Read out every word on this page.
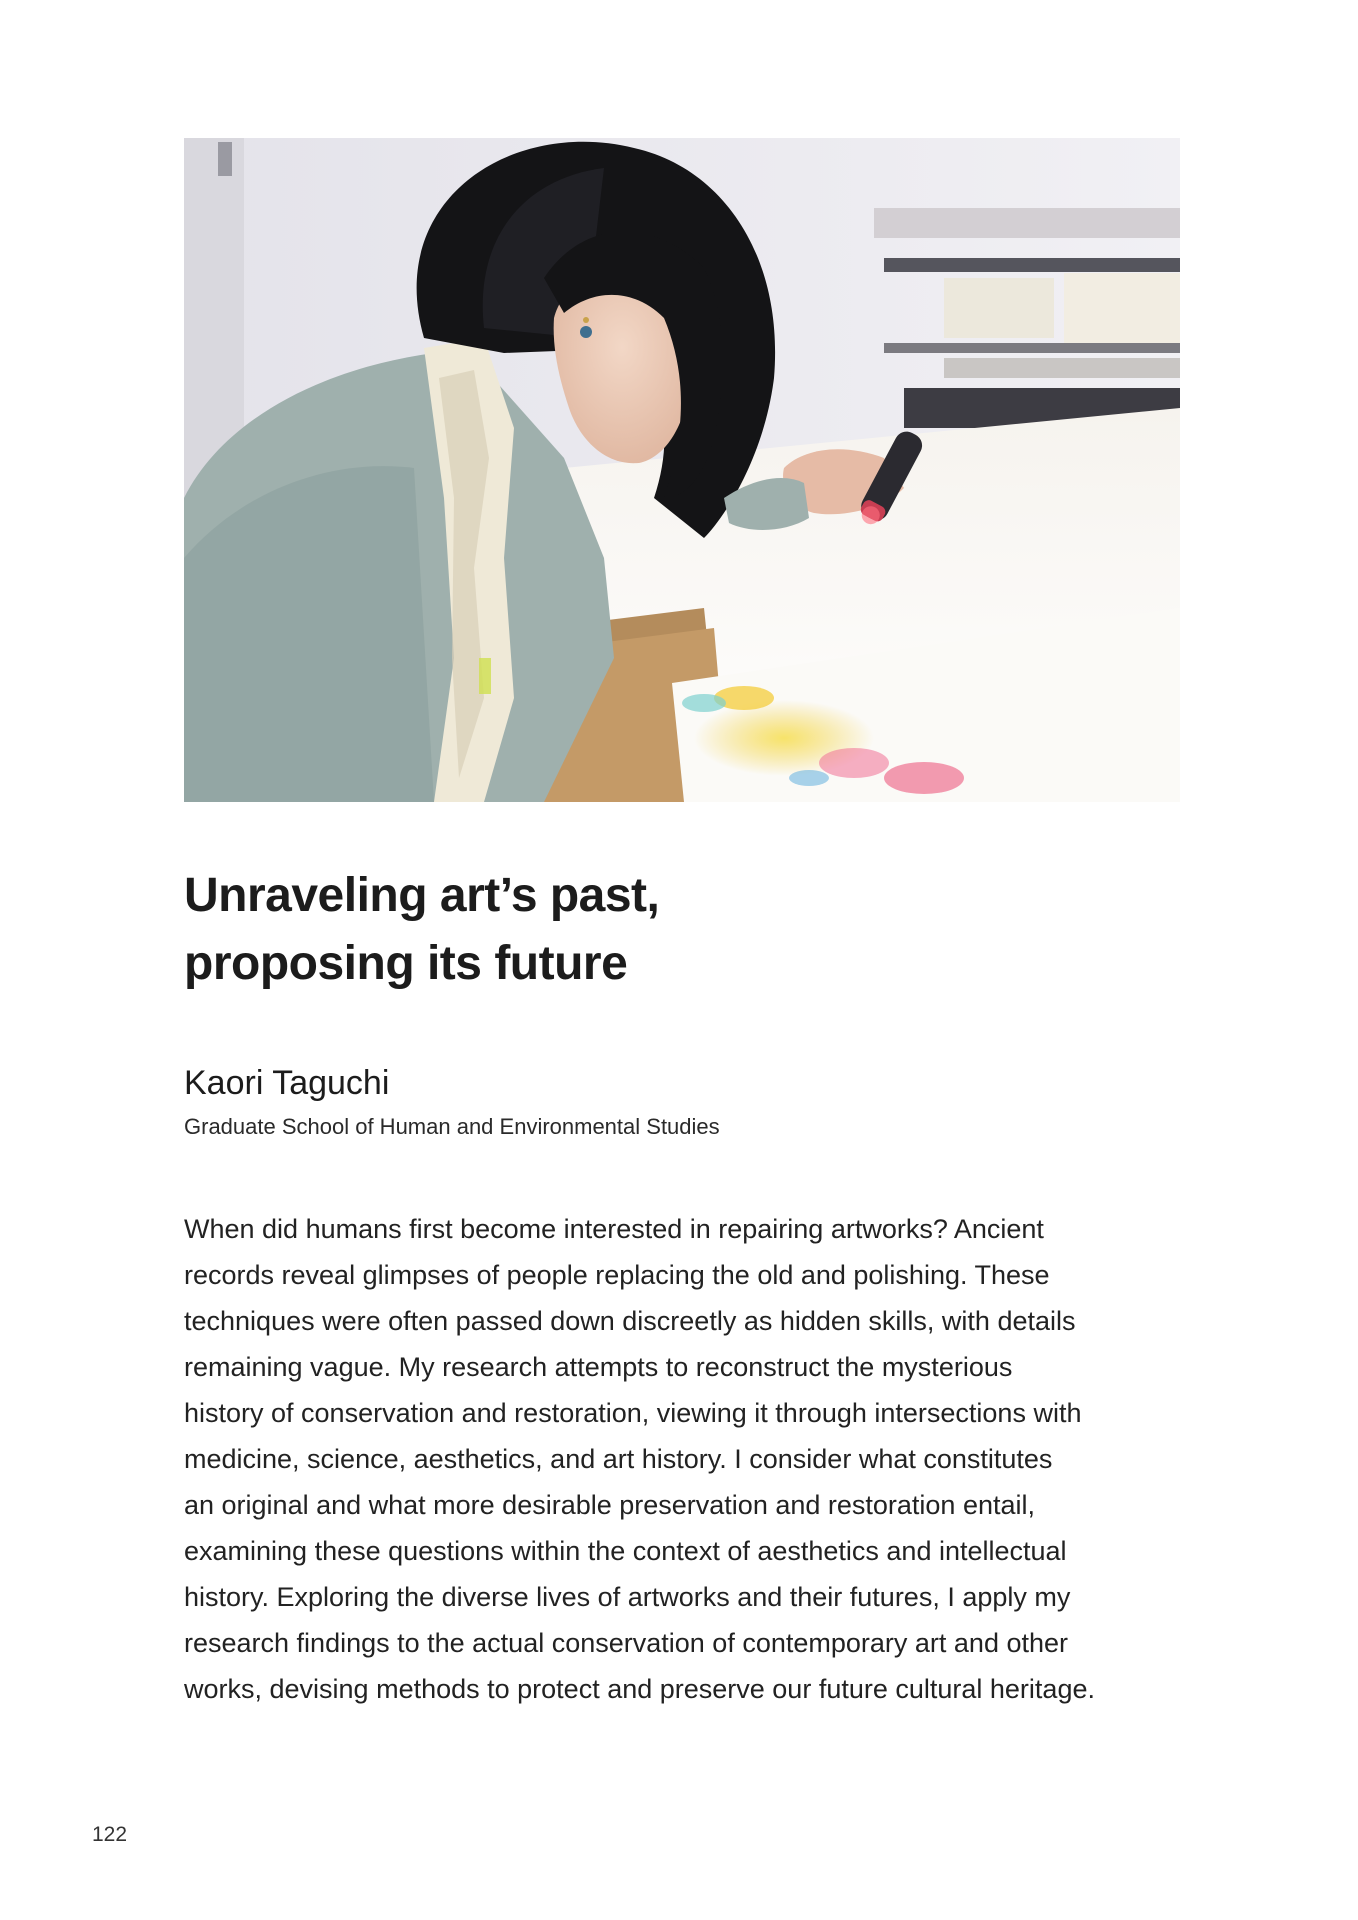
Unraveling art’s past,
proposing its future
Kaori Taguchi
Graduate School of Human and Environmental Studies

When did humans first become interested in repairing artworks? Ancient
records reveal glimpses of people replacing the old and polishing. These
techniques were often passed down discreetly as hidden skills, with details
remaining vague. My research attempts to reconstruct the mysterious
history of conservation and restoration, viewing it through intersections with
medicine, science, aesthetics, and art history. I consider what constitutes
an original and what more desirable preservation and restoration entail,
examining these questions within the context of aesthetics and intellectual
history. Exploring the diverse lives of artworks and their futures, I apply my
research findings to the actual conservation of contemporary art and other
works, devising methods to protect and preserve our future cultural heritage.

122
